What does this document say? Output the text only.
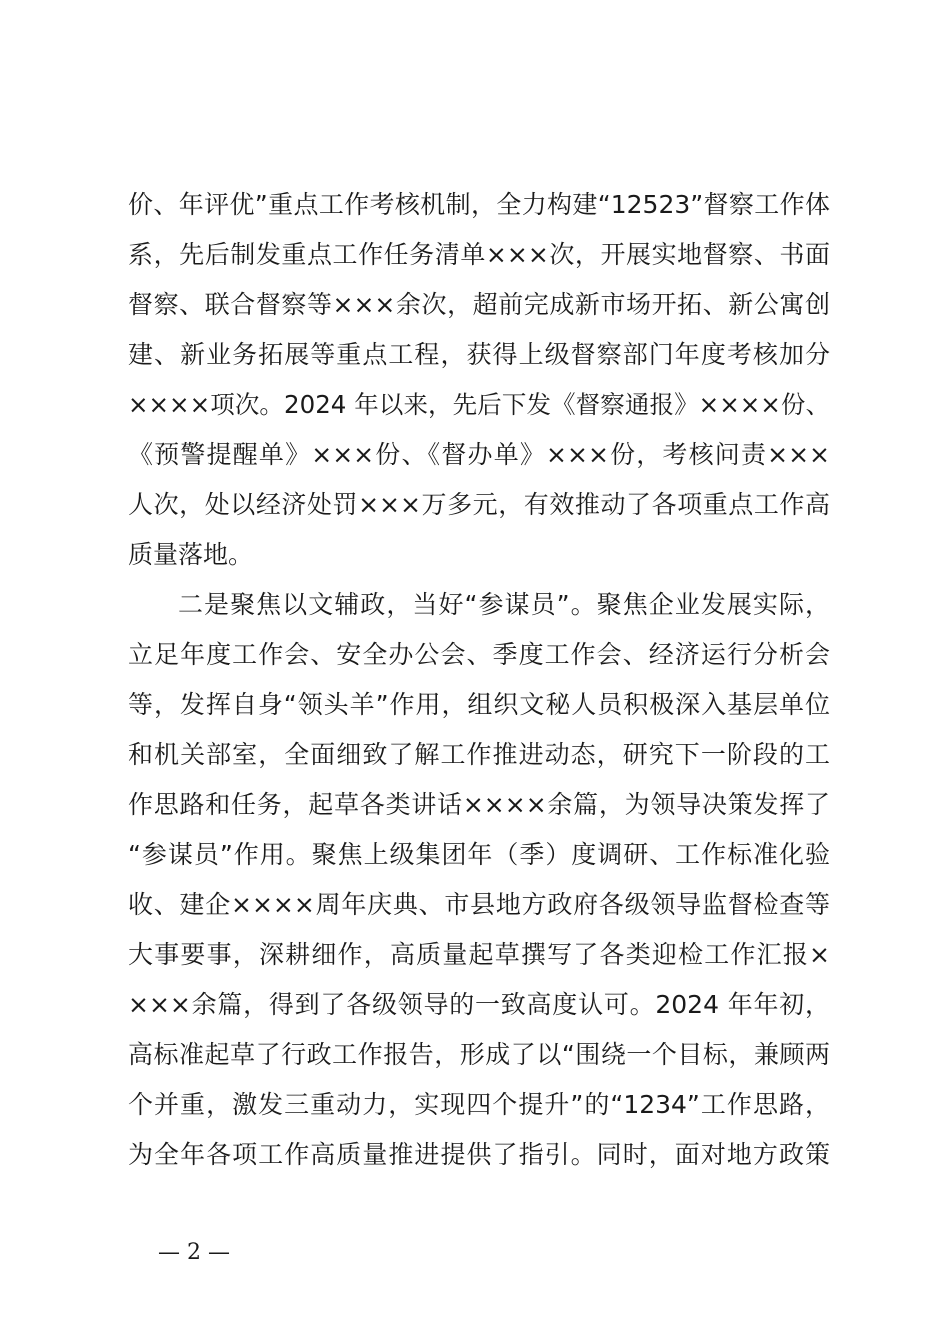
价、年评优”重点工作考核机制，全力构建“12523”督察工作体
系，先后制发重点工作任务清单×××次，开展实地督察、书面
督察、联合督察等×××余次，超前完成新市场开拓、新公寓创
建、新业务拓展等重点工程，获得上级督察部门年度考核加分
××××项次。2024 年以来，先后下发《督察通报》××××份、
《预警提醒单》×××份、《督办单》×××份，考核问责×××
人次，处以经济处罚×××万多元，有效推动了各项重点工作高
质量落地。
二是聚焦以文辅政，当好“参谋员”。聚焦企业发展实际，
立足年度工作会、安全办公会、季度工作会、经济运行分析会
等，发挥自身“领头羊”作用，组织文秘人员积极深入基层单位
和机关部室，全面细致了解工作推进动态，研究下一阶段的工
作思路和任务，起草各类讲话××××余篇，为领导决策发挥了
“参谋员”作用。聚焦上级集团年（季）度调研、工作标准化验
收、建企××××周年庆典、市县地方政府各级领导监督检查等
大事要事，深耕细作，高质量起草撰写了各类迎检工作汇报×
×××余篇，得到了各级领导的一致高度认可。2024 年年初，
高标准起草了行政工作报告，形成了以“围绕一个目标，兼顾两
个并重，激发三重动力，实现四个提升”的“1234”工作思路，
为全年各项工作高质量推进提供了指引。同时，面对地方政策
— 2 —
